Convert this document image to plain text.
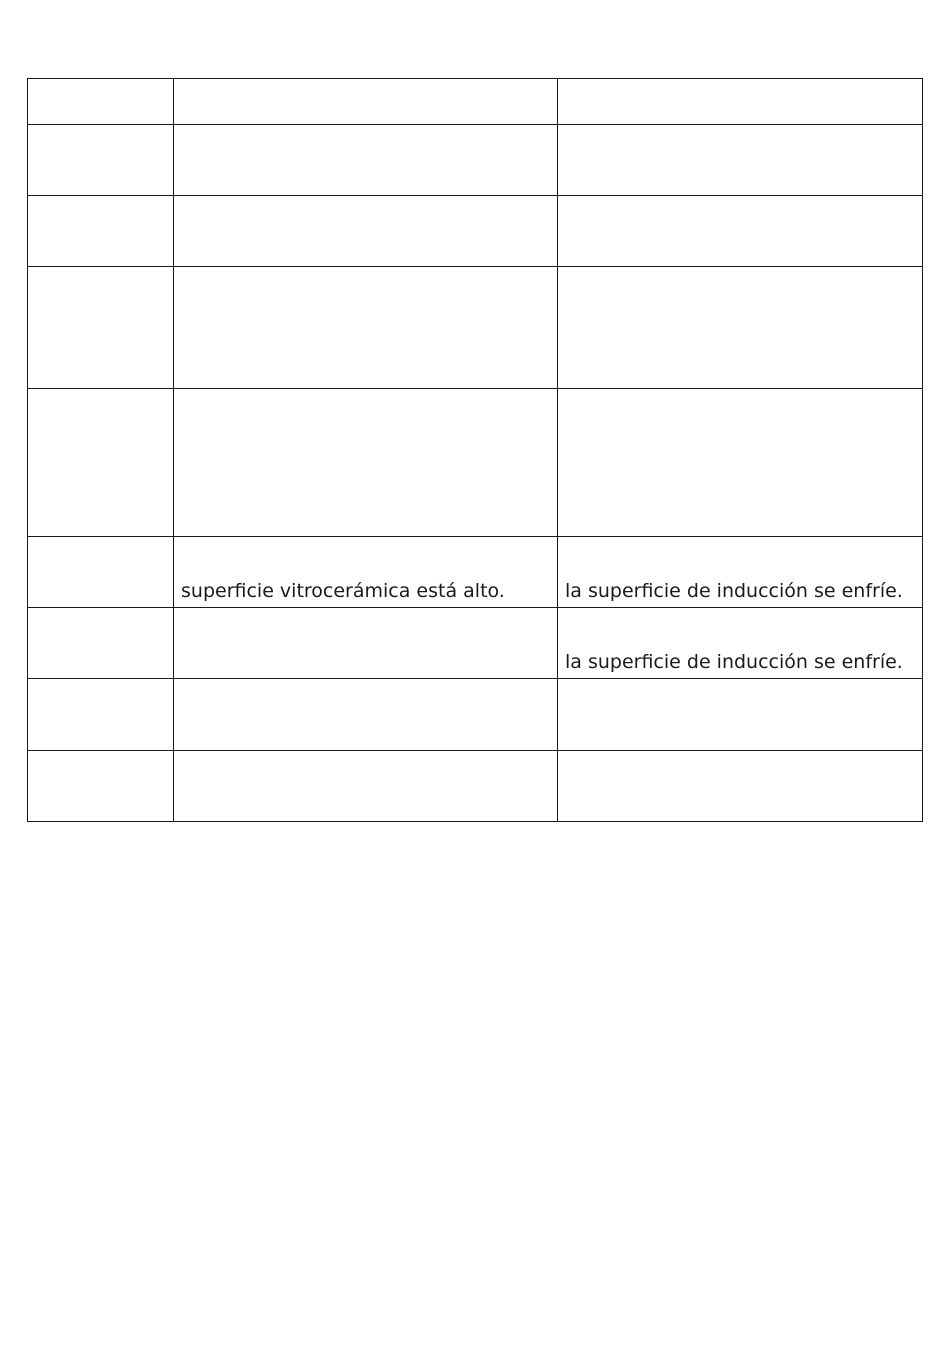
	superficie vitrocerámica está alto.	la superficie de inducción se enfríe.
		la superficie de inducción se enfríe.
